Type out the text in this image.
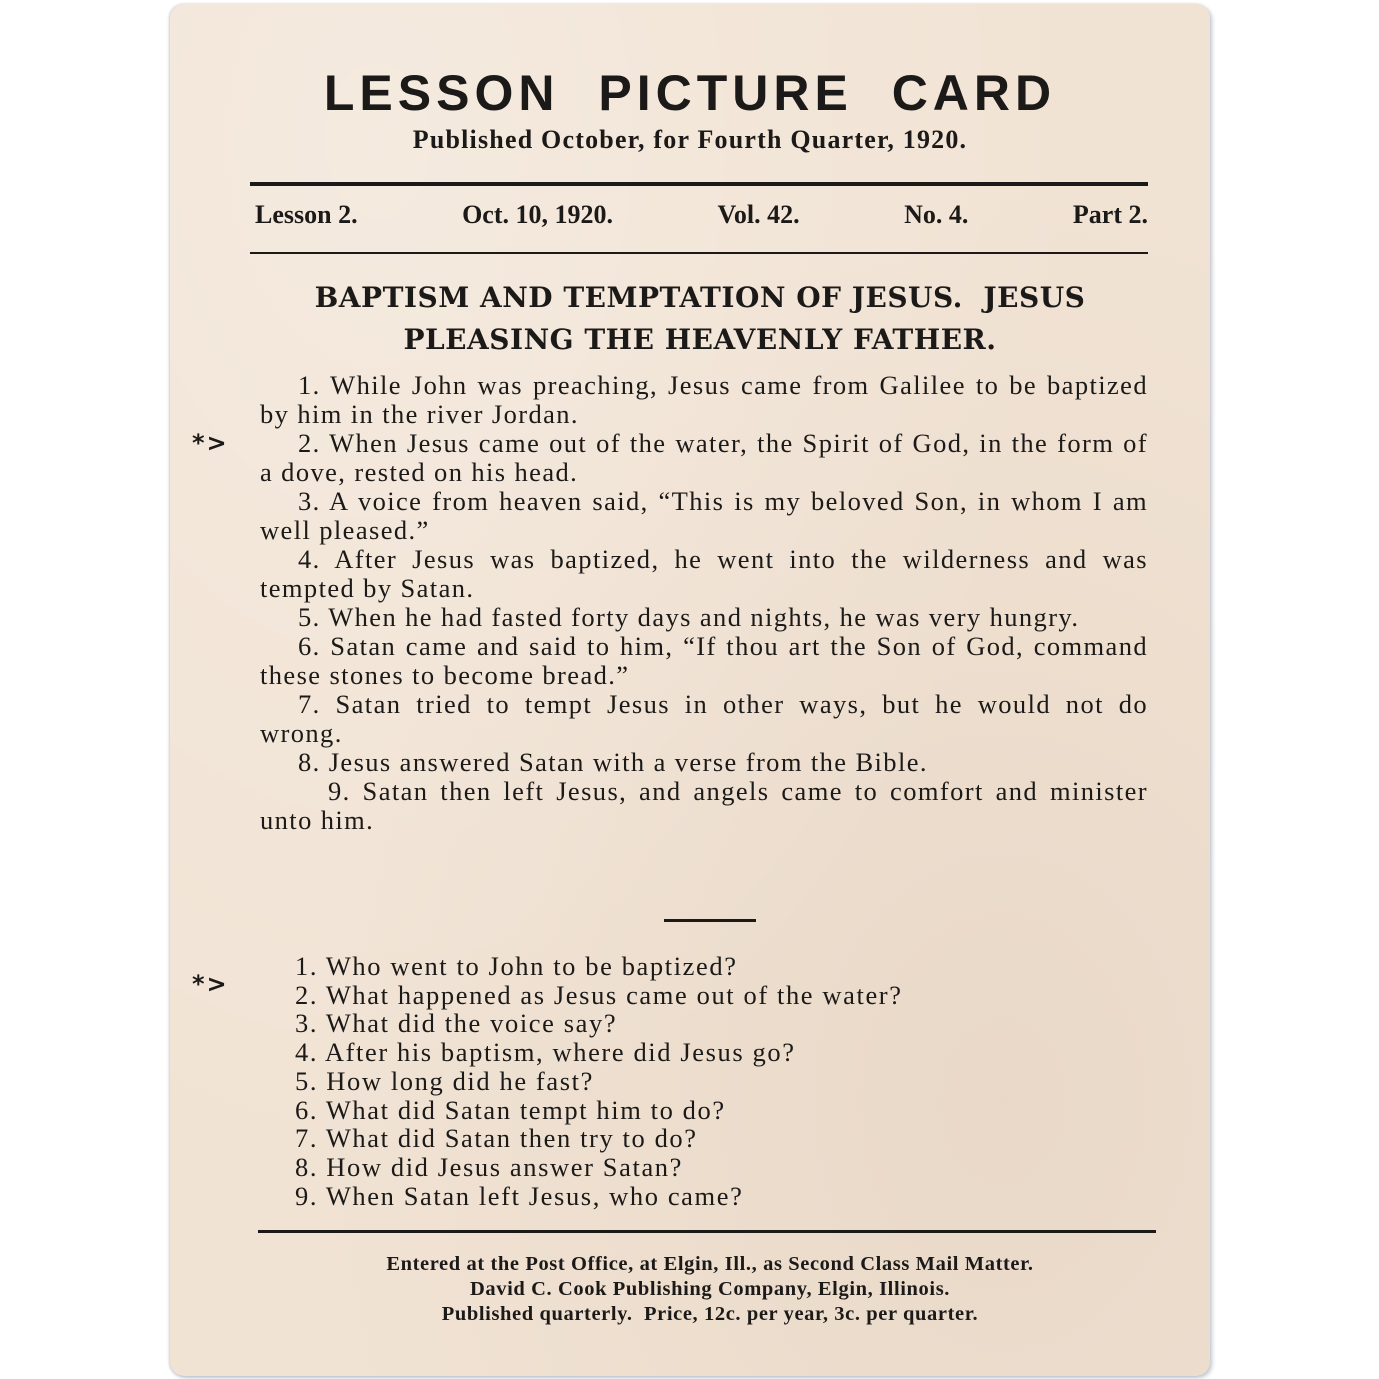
LESSON PICTURE CARD
Published October, for Fourth Quarter, 1920.
Lesson 2.	Oct. 10, 1920.	Vol. 42.	No. 4.	Part 2.
BAPTISM AND TEMPTATION OF JESUS.  JESUS
PLEASING THE HEAVENLY FATHER.
*>

1. While John was preaching, Jesus came from Galilee to be baptized by him in the river Jordan.

2. When Jesus came out of the water, the Spirit of God, in the form of a dove, rested on his head.

3. A voice from heaven said, “This is my beloved Son, in whom I am well pleased.”

4. After Jesus was baptized, he went into the wilderness and was tempted by Satan.

5. When he had fasted forty days and nights, he was very hungry.

6. Satan came and said to him, “If thou art the Son of God, command these stones to become bread.”

7. Satan tried to tempt Jesus in other ways, but he would not do wrong.

8. Jesus answered Satan with a verse from the Bible.

9. Satan then left Jesus, and angels came to comfort and minister unto him.

*>
1. Who went to John to be baptized?
2. What happened as Jesus came out of the water?
3. What did the voice say?
4. After his baptism, where did Jesus go?
5. How long did he fast?
6. What did Satan tempt him to do?
7. What did Satan then try to do?
8. How did Jesus answer Satan?
9. When Satan left Jesus, who came?
Entered at the Post Office, at Elgin, Ill., as Second Class Mail Matter.
David C. Cook Publishing Company, Elgin, Illinois.
Published quarterly.  Price, 12c. per year, 3c. per quarter.
